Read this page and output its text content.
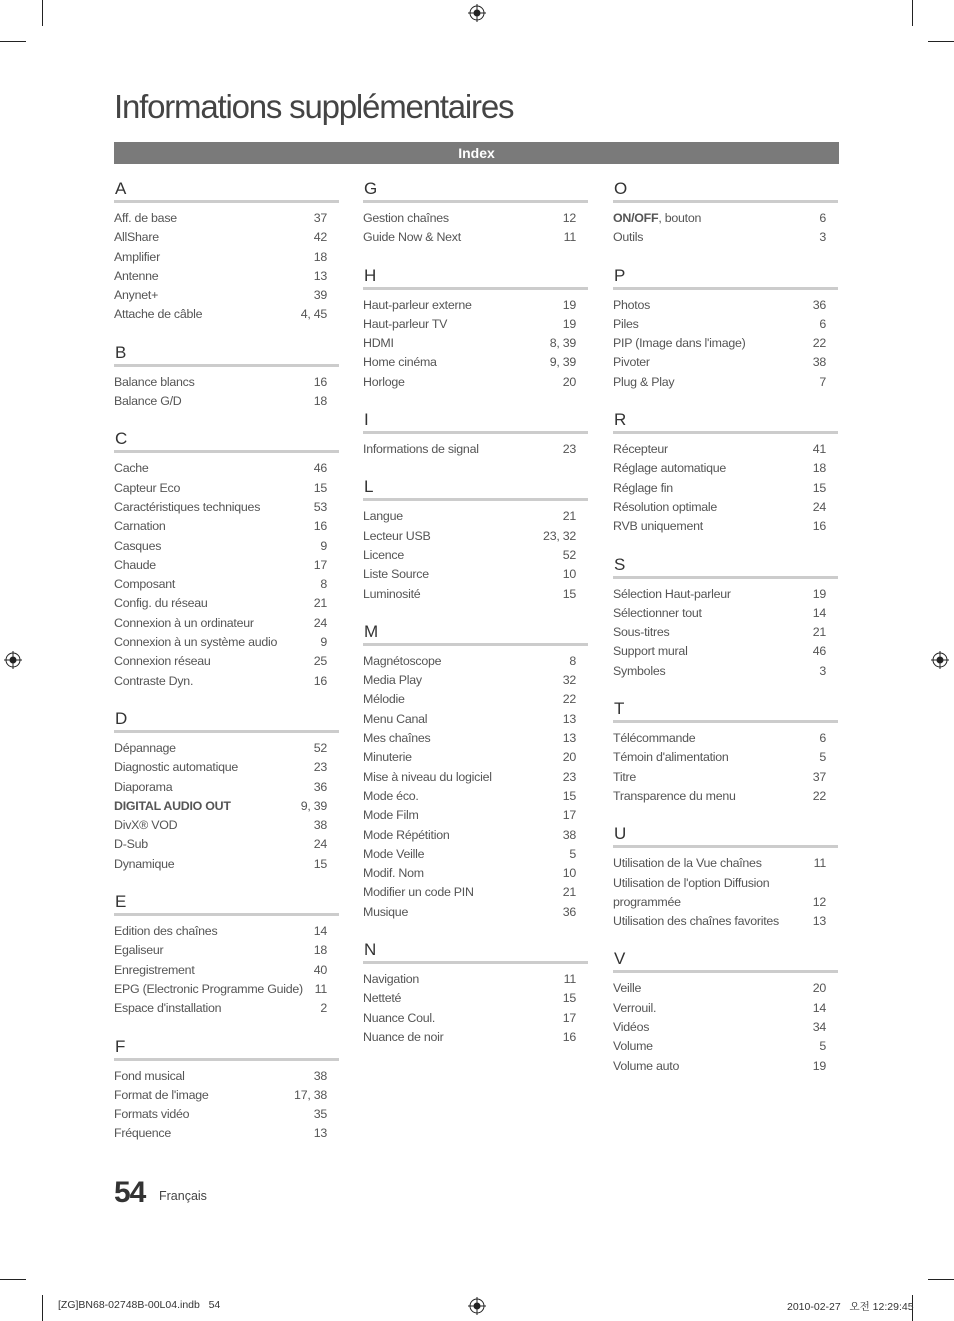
Informations supplémentaires
Index
A
Aff. de base	37
AllShare	42
Amplifier	18
Antenne	13
Anynet+	39
Attache de câble	4, 45
B
Balance blancs	16
Balance G/D	18
C
Cache	46
Capteur Eco	15
Caractéristiques techniques	53
Carnation	16
Casques	9
Chaude	17
Composant	8
Config. du réseau	21
Connexion à un ordinateur	24
Connexion à un système audio	9
Connexion réseau	25
Contraste Dyn.	16
D
Dépannage	52
Diagnostic automatique	23
Diaporama	36
DIGITAL AUDIO OUT	9, 39
DivX® VOD	38
D-Sub	24
Dynamique	15
E
Edition des chaînes	14
Egaliseur	18
Enregistrement	40
EPG (Electronic Programme Guide) 11
Espace d'installation	2
F
Fond musical	38
Format de l'image	17, 38
Formats vidéo	35
Fréquence	13
G
Gestion chaînes	12
Guide Now & Next	11
H
Haut-parleur externe	19
Haut-parleur TV	19
HDMI	8, 39
Home cinéma	9, 39
Horloge	20
I
Informations de signal	23
L
Langue	21
Lecteur USB	23, 32
Licence	52
Liste Source	10
Luminosité	15
M
Magnétoscope	8
Media Play	32
Mélodie	22
Menu Canal	13
Mes chaînes	13
Minuterie	20
Mise à niveau du logiciel	23
Mode éco.	15
Mode Film	17
Mode Répétition	38
Mode Veille	5
Modif. Nom	10
Modifier un code PIN	21
Musique	36
N
Navigation	11
Netteté	15
Nuance Coul.	17
Nuance de noir	16
O
ON/OFF, bouton	6
Outils	3
P
Photos	36
Piles	6
PIP (Image dans l'image)	22
Pivoter	38
Plug & Play	7
R
Récepteur	41
Réglage automatique	18
Réglage fin	15
Résolution optimale	24
RVB uniquement	16
S
Sélection Haut-parleur	19
Sélectionner tout	14
Sous-titres	21
Support mural	46
Symboles	3
T
Télécommande	6
Témoin d'alimentation	5
Titre	37
Transparence du menu	22
U
Utilisation de la Vue chaînes	11
Utilisation de l'option Diffusion programmée	12
Utilisation des chaînes favorites	13
V
Veille	20
Verrouil.	14
Vidéos	34
Volume	5
Volume auto	19
54 Français
[ZG]BN68-02748B-00L04.indb   54	2010-02-27   오전 12:29:45
